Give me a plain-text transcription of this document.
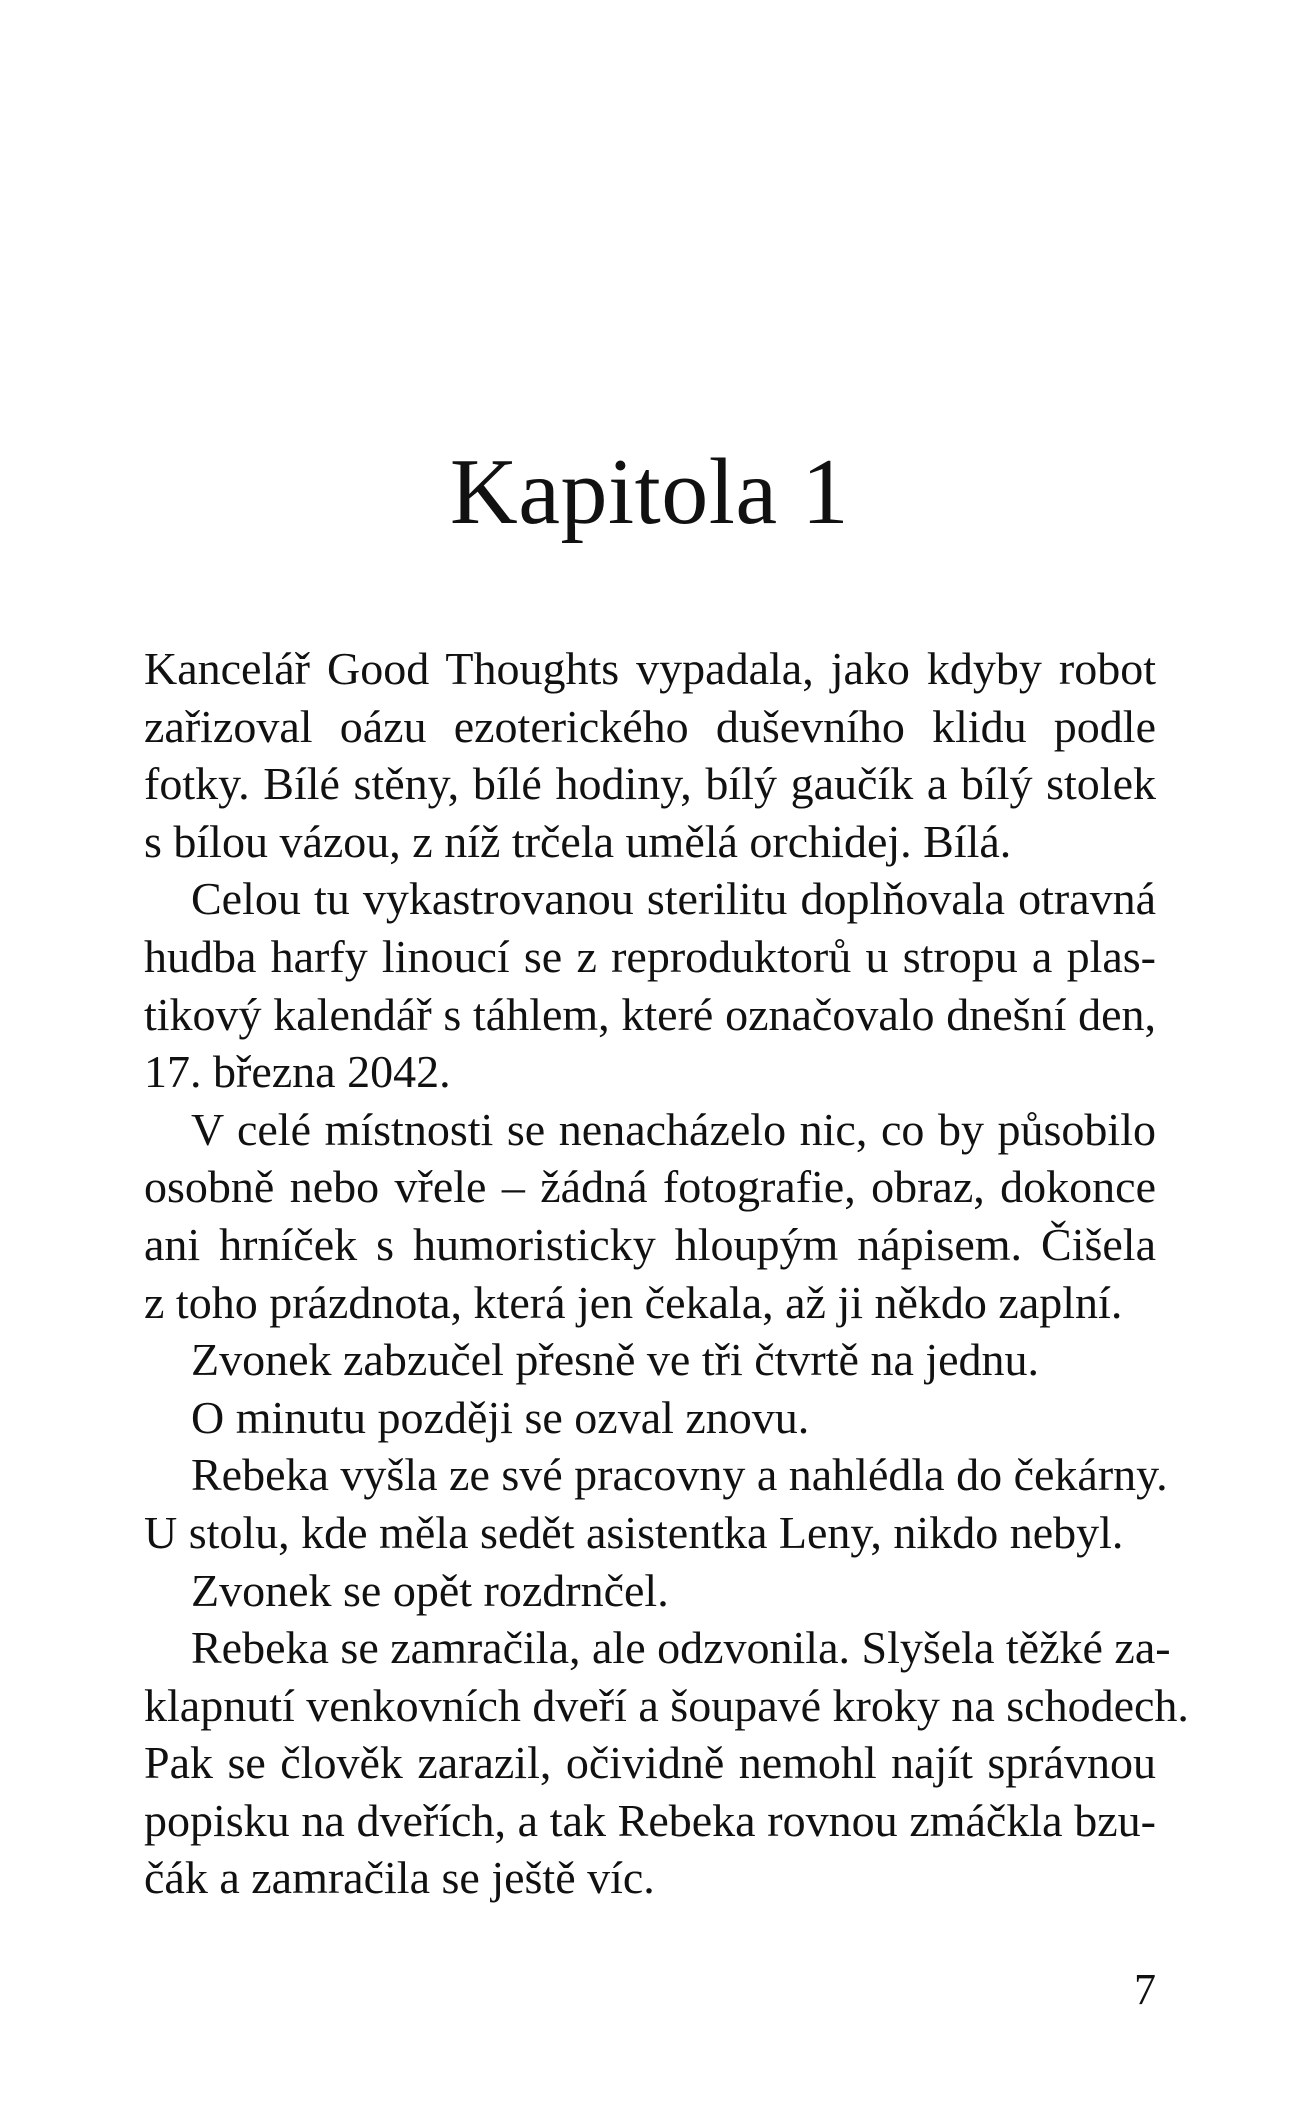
Kapitola 1
Kancelář Good Thoughts vypadala, jako kdyby robot
zařizoval oázu ezoterického duševního klidu podle
fotky. Bílé stěny, bílé hodiny, bílý gaučík a bílý stolek
s bílou vázou, z níž trčela umělá orchidej. Bílá.
Celou tu vykastrovanou sterilitu doplňovala otravná
hudba harfy linoucí se z reproduktorů u stropu a plas-
tikový kalendář s táhlem, které označovalo dnešní den,
17. března 2042.
V celé místnosti se nenacházelo nic, co by působilo
osobně nebo vřele – žádná fotografie, obraz, dokonce
ani hrníček s humoristicky hloupým nápisem. Čišela
z toho prázdnota, která jen čekala, až ji někdo zaplní.
Zvonek zabzučel přesně ve tři čtvrtě na jednu.
O minutu později se ozval znovu.
Rebeka vyšla ze své pracovny a nahlédla do čekárny.
U stolu, kde měla sedět asistentka Leny, nikdo nebyl.
Zvonek se opět rozdrnčel.
Rebeka se zamračila, ale odzvonila. Slyšela těžké za-
klapnutí venkovních dveří a šoupavé kroky na schodech.
Pak se člověk zarazil, očividně nemohl najít správnou
popisku na dveřích, a tak Rebeka rovnou zmáčkla bzu-
čák a zamračila se ještě víc.
7
